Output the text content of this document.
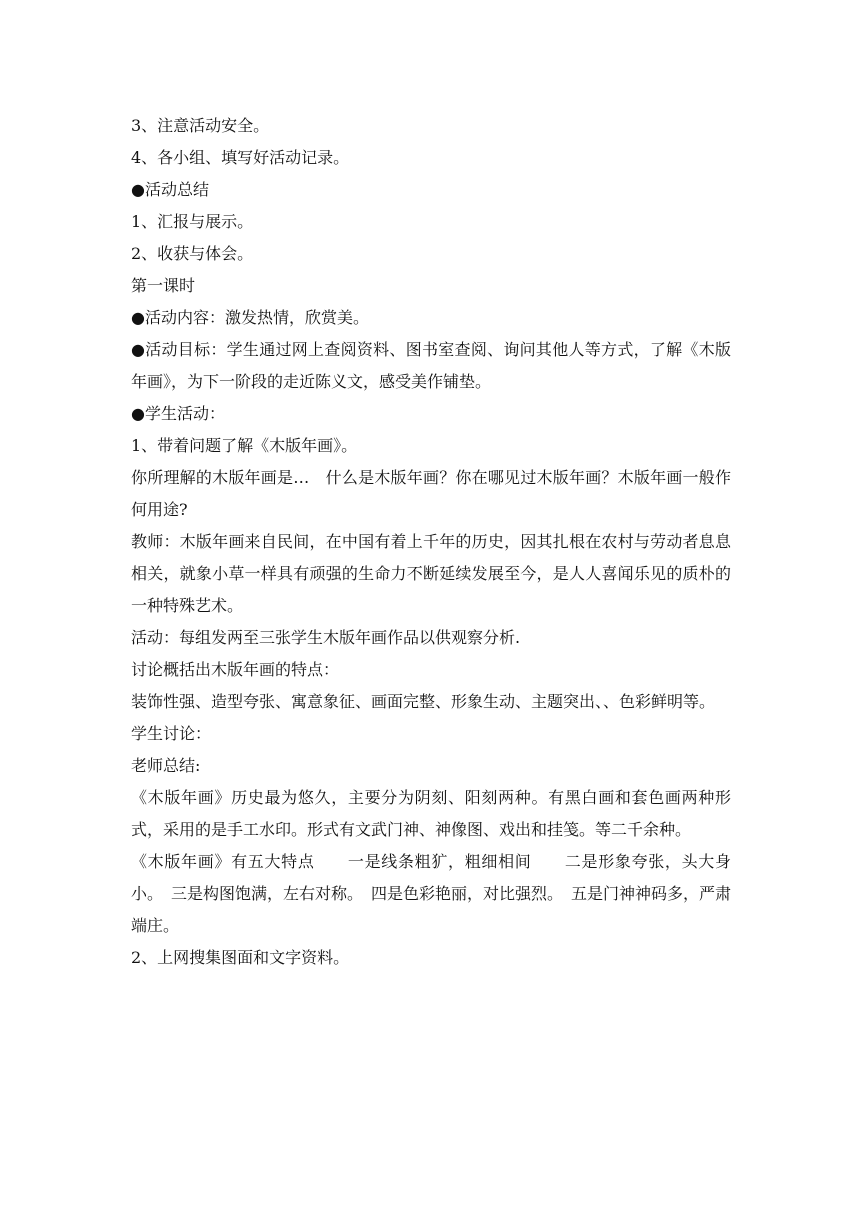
3、注意活动安全。

4、各小组、填写好活动记录。

●活动总结

1、汇报与展示。

2、收获与体会。

第一课时

●活动内容：激发热情，欣赏美。

●活动目标：学生通过网上查阅资料、图书室查阅、询问其他人等方式，了解《木版年画》，为下一阶段的走近陈义文，感受美作铺垫。

●学生活动：

1、带着问题了解《木版年画》。

你所理解的木版年画是…　什么是木版年画？你在哪见过木版年画？木版年画一般作何用途?

教师：木版年画来自民间，在中国有着上千年的历史，因其扎根在农村与劳动者息息相关，就象小草一样具有顽强的生命力不断延续发展至今，是人人喜闻乐见的质朴的一种特殊艺术。

活动：每组发两至三张学生木版年画作品以供观察分析.

讨论概括出木版年画的特点：

装饰性强、造型夸张、寓意象征、画面完整、形象生动、主题突出、、色彩鲜明等。

学生讨论：

老师总结:

《木版年画》历史最为悠久，主要分为阴刻、阳刻两种。有黑白画和套色画两种形式，采用的是手工水印。形式有文武门神、神像图、戏出和挂笺。等二千余种。

《木版年画》有五大特点　　一是线条粗犷，粗细相间　　二是形象夸张，头大身小。　三是构图饱满，左右对称。　四是色彩艳丽，对比强烈。　五是门神神码多，严肃端庄。

2、上网搜集图面和文字资料。
